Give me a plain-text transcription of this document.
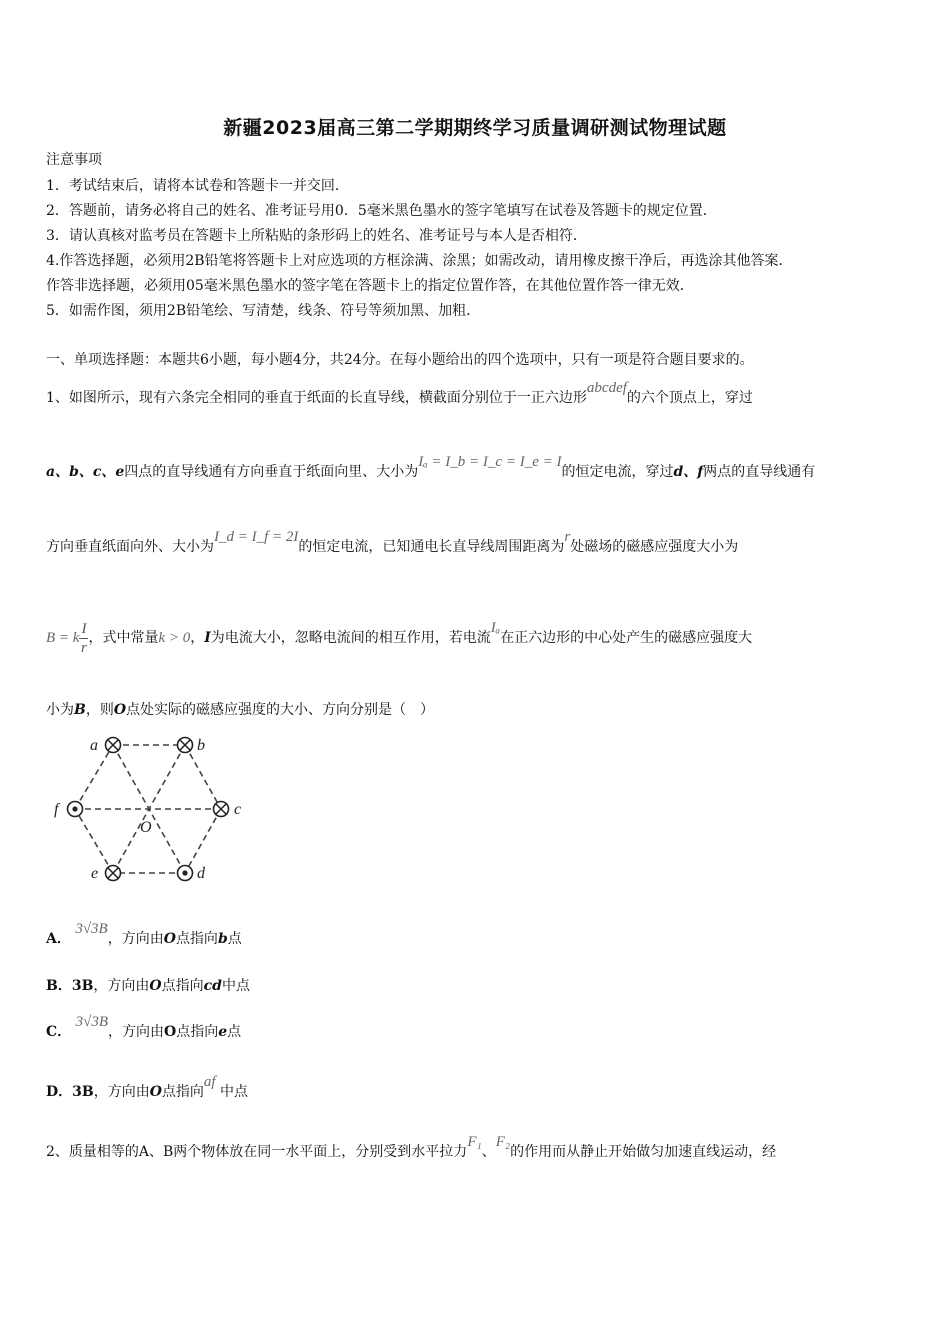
新疆2023届高三第二学期期终学习质量调研测试物理试题
注意事项
1．考试结束后，请将本试卷和答题卡一并交回．
2．答题前，请务必将自己的姓名、准考证号用0．5毫米黑色墨水的签字笔填写在试卷及答题卡的规定位置．
3．请认真核对监考员在答题卡上所粘贴的条形码上的姓名、准考证号与本人是否相符．
4.作答选择题，必须用2B铅笔将答题卡上对应选项的方框涂满、涂黑；如需改动，请用橡皮擦干净后，再选涂其他答案．
作答非选择题，必须用05毫米黑色墨水的签字笔在答题卡上的指定位置作答，在其他位置作答一律无效．
5．如需作图，须用2B铅笔绘、写清楚，线条、符号等须加黑、加粗．
一、单项选择题：本题共6小题，每小题4分，共24分。在每小题给出的四个选项中，只有一项是符合题目要求的。
1、如图所示，现有六条完全相同的垂直于纸面的长直导线，横截面分别位于一正六边形abcdef的六个顶点上，穿过
a、b、c、e四点的直导线通有方向垂直于纸面向里、大小为Iₐ = I_b = I_c = I_e = I的恒定电流，穿过d、f两点的直导线通有
方向垂直纸面向外、大小为I_d = I_f = 2I的恒定电流，已知通电长直导线周围距离为r处磁场的磁感应强度大小为
B = k $\frac{I}{r}$ ，式中常量k > 0，I为电流大小，忽略电流间的相互作用，若电流Iₐ在正六边形的中心处产生的磁感应强度大
小为B，则O点处实际的磁感应强度的大小、方向分别是（　）
a	b
c
d
e
f
O
A． 3√3B，方向由O点指向b点
B．3B，方向由O点指向cd中点
C． 3√3B，方向由O点指向e点
D．3B，方向由O点指向af 中点
2、质量相等的A、B两个物体放在同一水平面上，分别受到水平拉力F₁、F₂的作用而从静止开始做匀加速直线运动，经
